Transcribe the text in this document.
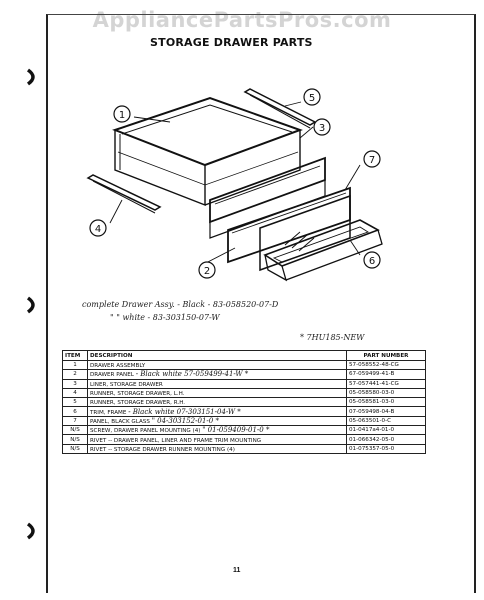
AppliancePartsPros.com
STORAGE DRAWER PARTS
1
5
3
7
4
2
6
complete Drawer Assy. - Black - 83-058520-07-D
" " white - 83-303150-07-W
* 7HU185-NEW
ITEM	DESCRIPTION	PART NUMBER
1	DRAWER ASSEMBLY	57-058552-48-CG
2	DRAWER PANEL - Black white 57-059499-41-W *	67-059499-41-B
3	LINER, STORAGE DRAWER	57-057441-41-CG
4	RUNNER, STORAGE DRAWER, L.H.	05-058580-03-0
5	RUNNER, STORAGE DRAWER, R.H.	05-058581-03-0
6	TRIM, FRAME - Black white 07-303151-04-W *	07-059498-04-B
7	PANEL, BLACK GLASS " 04-303152-01-0 *	05-063501-0-C
N/S	SCREW, DRAWER PANEL MOUNTING (4) " 01-059409-01-0 *	01-0417a4-01-0
N/S	RIVET -- DRAWER PANEL, LINER AND FRAME TRIM MOUNTING	01-066342-05-0
N/S	RIVET -- STORAGE DRAWER RUNNER MOUNTING (4)	01-075357-05-0
11
